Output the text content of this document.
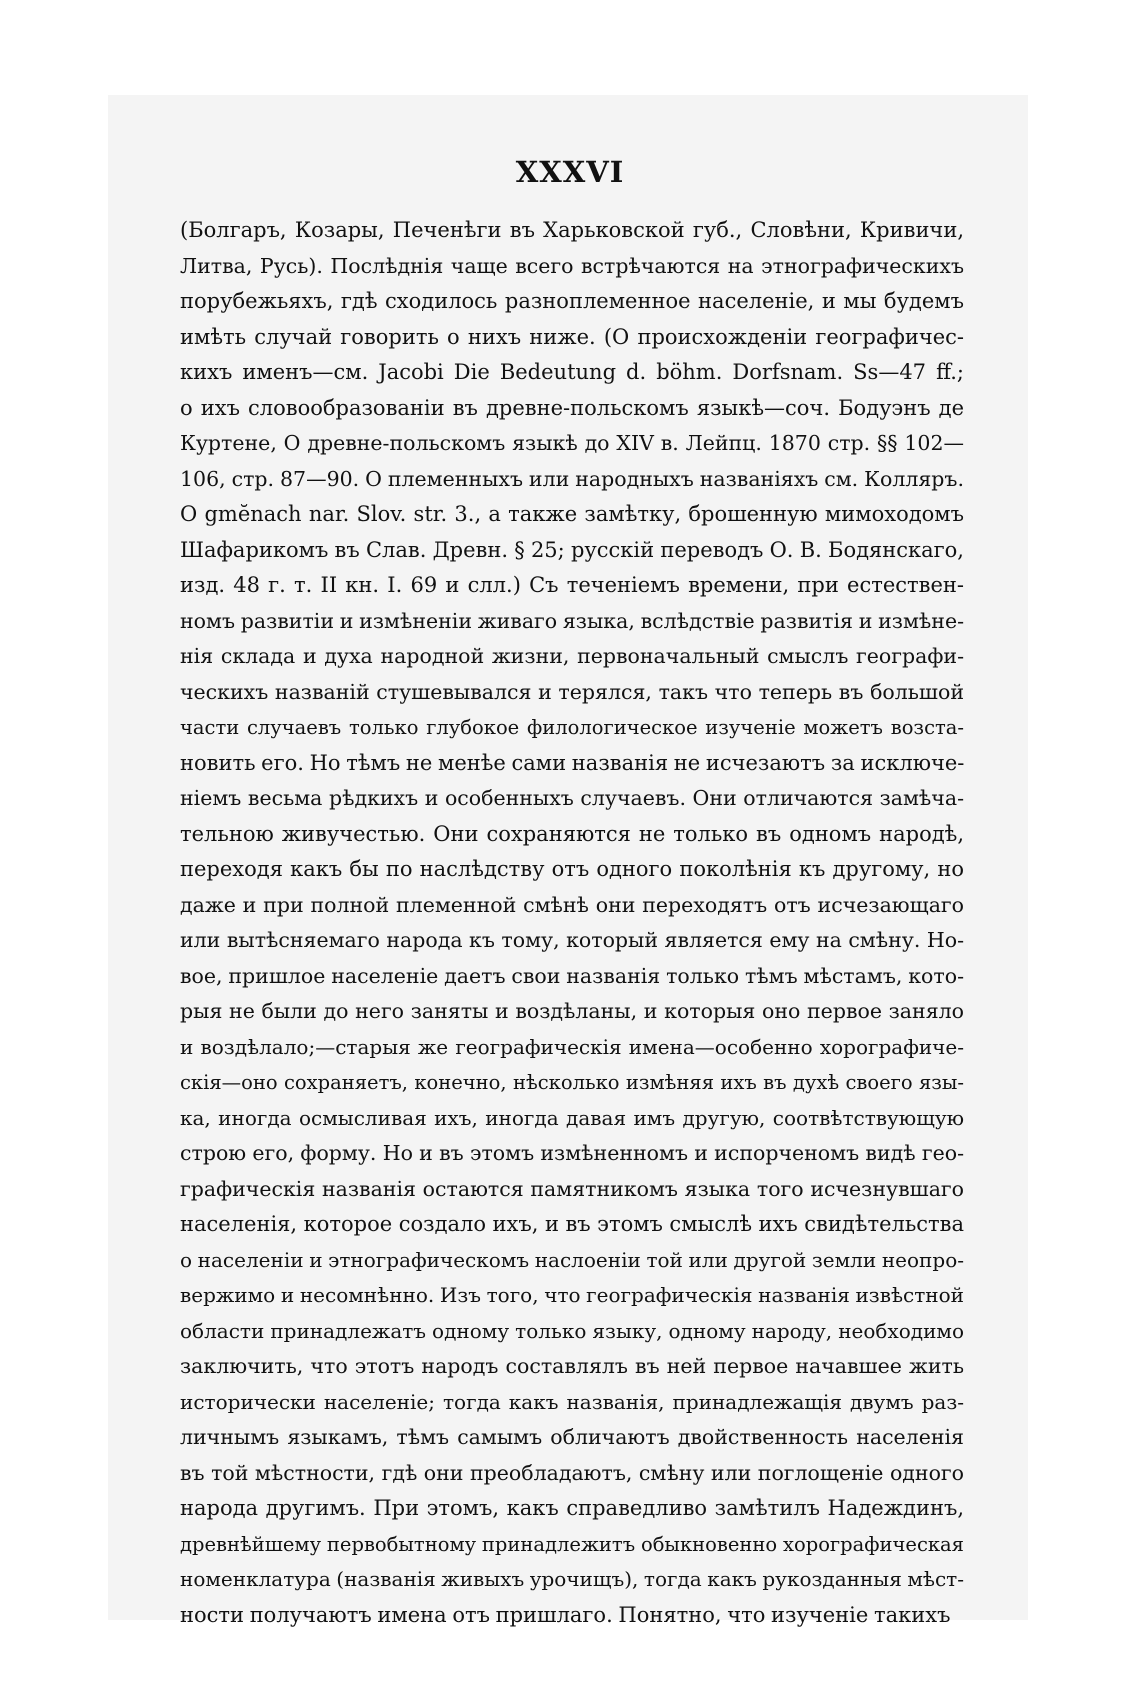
XXXVI
(Болгаръ, Козары, Печенѣги въ Харьковской губ., Словѣни, Кривичи,
Литва, Русь). Послѣднія чаще всего встрѣчаются на этнографическихъ
порубежьяхъ, гдѣ сходилось разноплеменное населеніе, и мы будемъ
имѣть случай говорить о нихъ ниже. (О происхожденіи географичес-
кихъ именъ—см. Jacobi Die Bedeutung d. böhm. Dorfsnam. Ss—47 ff.;
о ихъ словообразованіи въ древне-польскомъ языкѣ—соч. Бодуэнъ де
Куртене, О древне-польскомъ языкѣ до XIV в. Лейпц. 1870 стр. §§ 102—
106, стр. 87—90. О племенныхъ или народныхъ названіяхъ см. Колляръ.
O gmĕnach nar. Slov. str. 3., а также замѣтку, брошенную мимоходомъ
Шафарикомъ въ Слав. Древн. § 25; русскій переводъ О. В. Бодянскаго,
изд. 48 г. т. II кн. I. 69 и слл.) Съ теченіемъ времени, при естествен-
номъ развитіи и измѣненіи живаго языка, вслѣдствіе развитія и измѣне-
нія склада и духа народной жизни, первоначальный смыслъ географи-
ческихъ названій стушевывался и терялся, такъ что теперь въ большой
части случаевъ только глубокое филологическое изученіе можетъ возста-
новить его. Но тѣмъ не менѣе сами названія не исчезаютъ за исключе-
ніемъ весьма рѣдкихъ и особенныхъ случаевъ. Они отличаются замѣча-
тельною живучестью. Они сохраняются не только въ одномъ народѣ,
переходя какъ бы по наслѣдству отъ одного поколѣнія къ другому, но
даже и при полной племенной смѣнѣ они переходятъ отъ исчезающаго
или вытѣсняемаго народа къ тому, который является ему на смѣну. Но-
вое, пришлое населеніе даетъ свои названія только тѣмъ мѣстамъ, кото-
рыя не были до него заняты и воздѣланы, и которыя оно первое заняло
и воздѣлало;—старыя же географическія имена—особенно хорографиче-
скія—оно сохраняетъ, конечно, нѣсколько измѣняя ихъ въ духѣ своего язы-
ка, иногда осмысливая ихъ, иногда давая имъ другую, соотвѣтствующую
строю его, форму. Но и въ этомъ измѣненномъ и испорченомъ видѣ гео-
графическія названія остаются памятникомъ языка того исчезнувшаго
населенія, которое создало ихъ, и въ этомъ смыслѣ ихъ свидѣтельства
о населеніи и этнографическомъ наслоеніи той или другой земли неопро-
вержимо и несомнѣнно. Изъ того, что географическія названія извѣстной
области принадлежатъ одному только языку, одному народу, необходимо
заключить, что этотъ народъ составлялъ въ ней первое начавшее жить
исторически населеніе; тогда какъ названія, принадлежащія двумъ раз-
личнымъ языкамъ, тѣмъ самымъ обличаютъ двойственность населенія
въ той мѣстности, гдѣ они преобладаютъ, смѣну или поглощеніе одного
народа другимъ. При этомъ, какъ справедливо замѣтилъ Надеждинъ,
древнѣйшему первобытному принадлежитъ обыкновенно хорографическая
номенклатура (названія живыхъ урочищъ), тогда какъ рукозданныя мѣст-
ности получаютъ имена отъ пришлаго. Понятно, что изученіе такихъ
